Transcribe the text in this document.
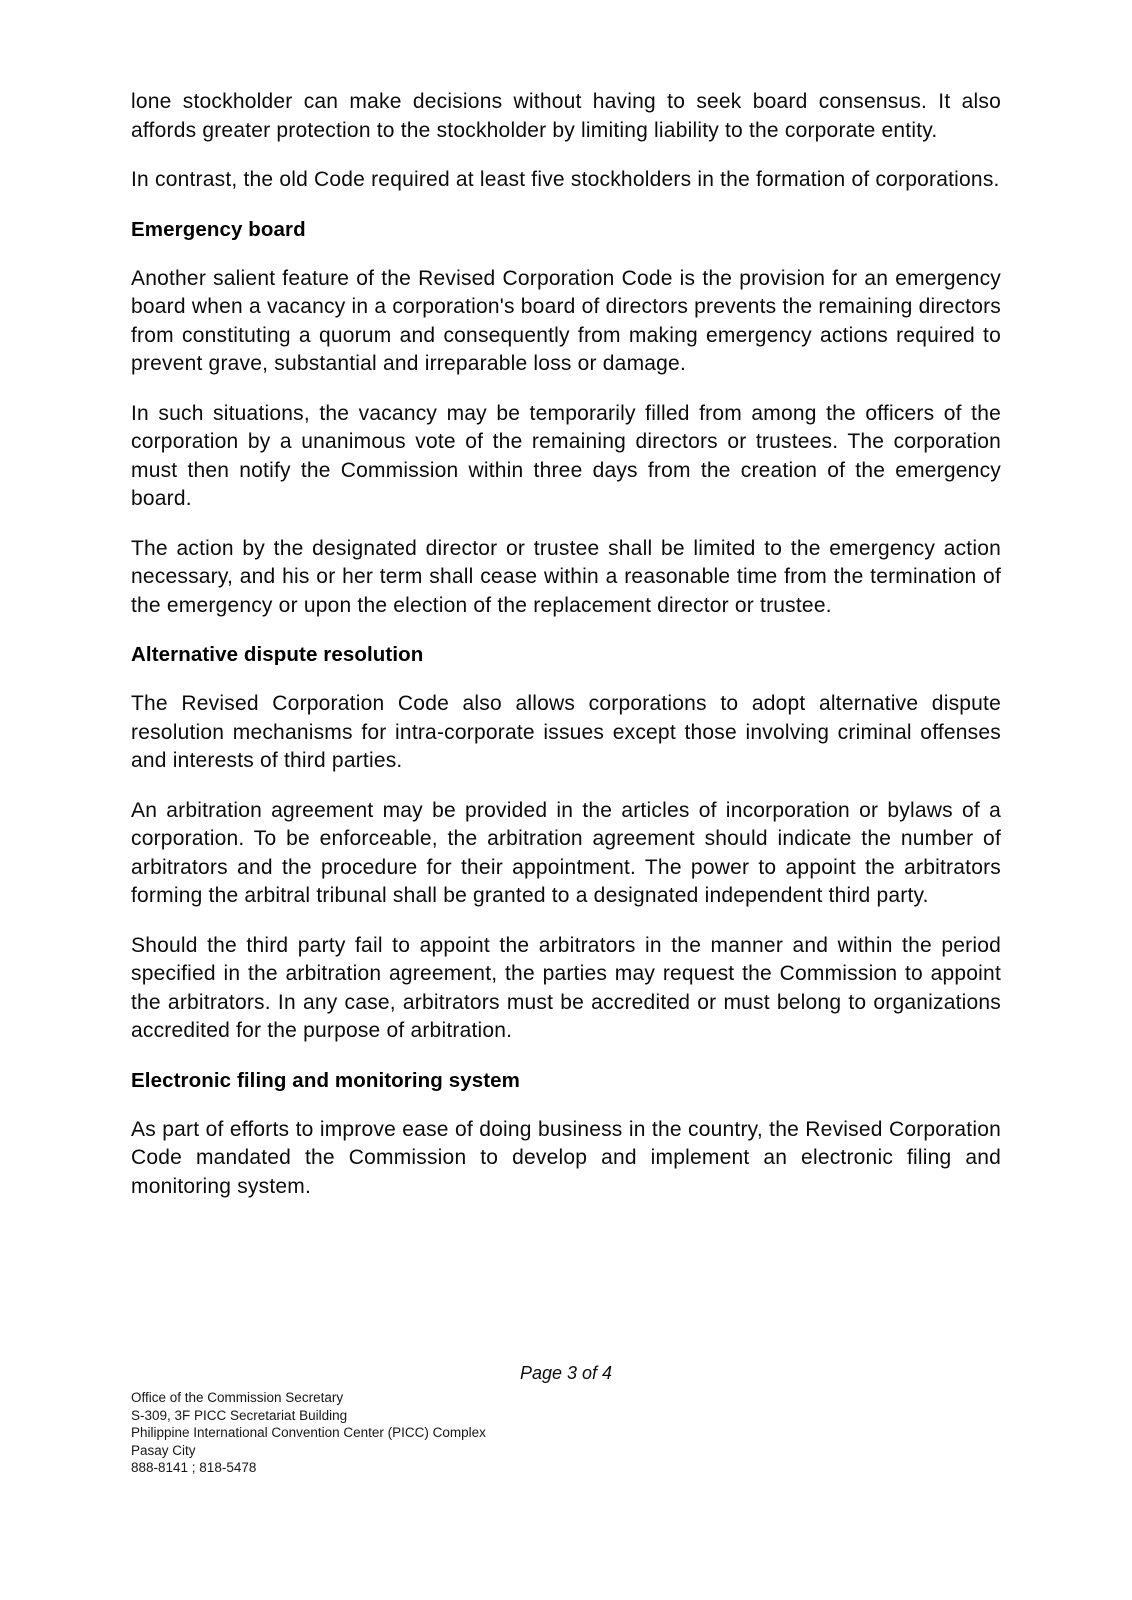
lone stockholder can make decisions without having to seek board consensus. It also affords greater protection to the stockholder by limiting liability to the corporate entity.

In contrast, the old Code required at least five stockholders in the formation of corporations.

Emergency board

Another salient feature of the Revised Corporation Code is the provision for an emergency board when a vacancy in a corporation's board of directors prevents the remaining directors from constituting a quorum and consequently from making emergency actions required to prevent grave, substantial and irreparable loss or damage.

In such situations, the vacancy may be temporarily filled from among the officers of the corporation by a unanimous vote of the remaining directors or trustees. The corporation must then notify the Commission within three days from the creation of the emergency board.

The action by the designated director or trustee shall be limited to the emergency action necessary, and his or her term shall cease within a reasonable time from the termination of the emergency or upon the election of the replacement director or trustee.

Alternative dispute resolution

The Revised Corporation Code also allows corporations to adopt alternative dispute resolution mechanisms for intra-corporate issues except those involving criminal offenses and interests of third parties.

An arbitration agreement may be provided in the articles of incorporation or bylaws of a corporation. To be enforceable, the arbitration agreement should indicate the number of arbitrators and the procedure for their appointment. The power to appoint the arbitrators forming the arbitral tribunal shall be granted to a designated independent third party.

Should the third party fail to appoint the arbitrators in the manner and within the period specified in the arbitration agreement, the parties may request the Commission to appoint the arbitrators. In any case, arbitrators must be accredited or must belong to organizations accredited for the purpose of arbitration.

Electronic filing and monitoring system

As part of efforts to improve ease of doing business in the country, the Revised Corporation Code mandated the Commission to develop and implement an electronic filing and monitoring system.

Page 3 of 4
Office of the Commission Secretary
S-309, 3F PICC Secretariat Building
Philippine International Convention Center (PICC) Complex
Pasay City
888-8141 ; 818-5478
